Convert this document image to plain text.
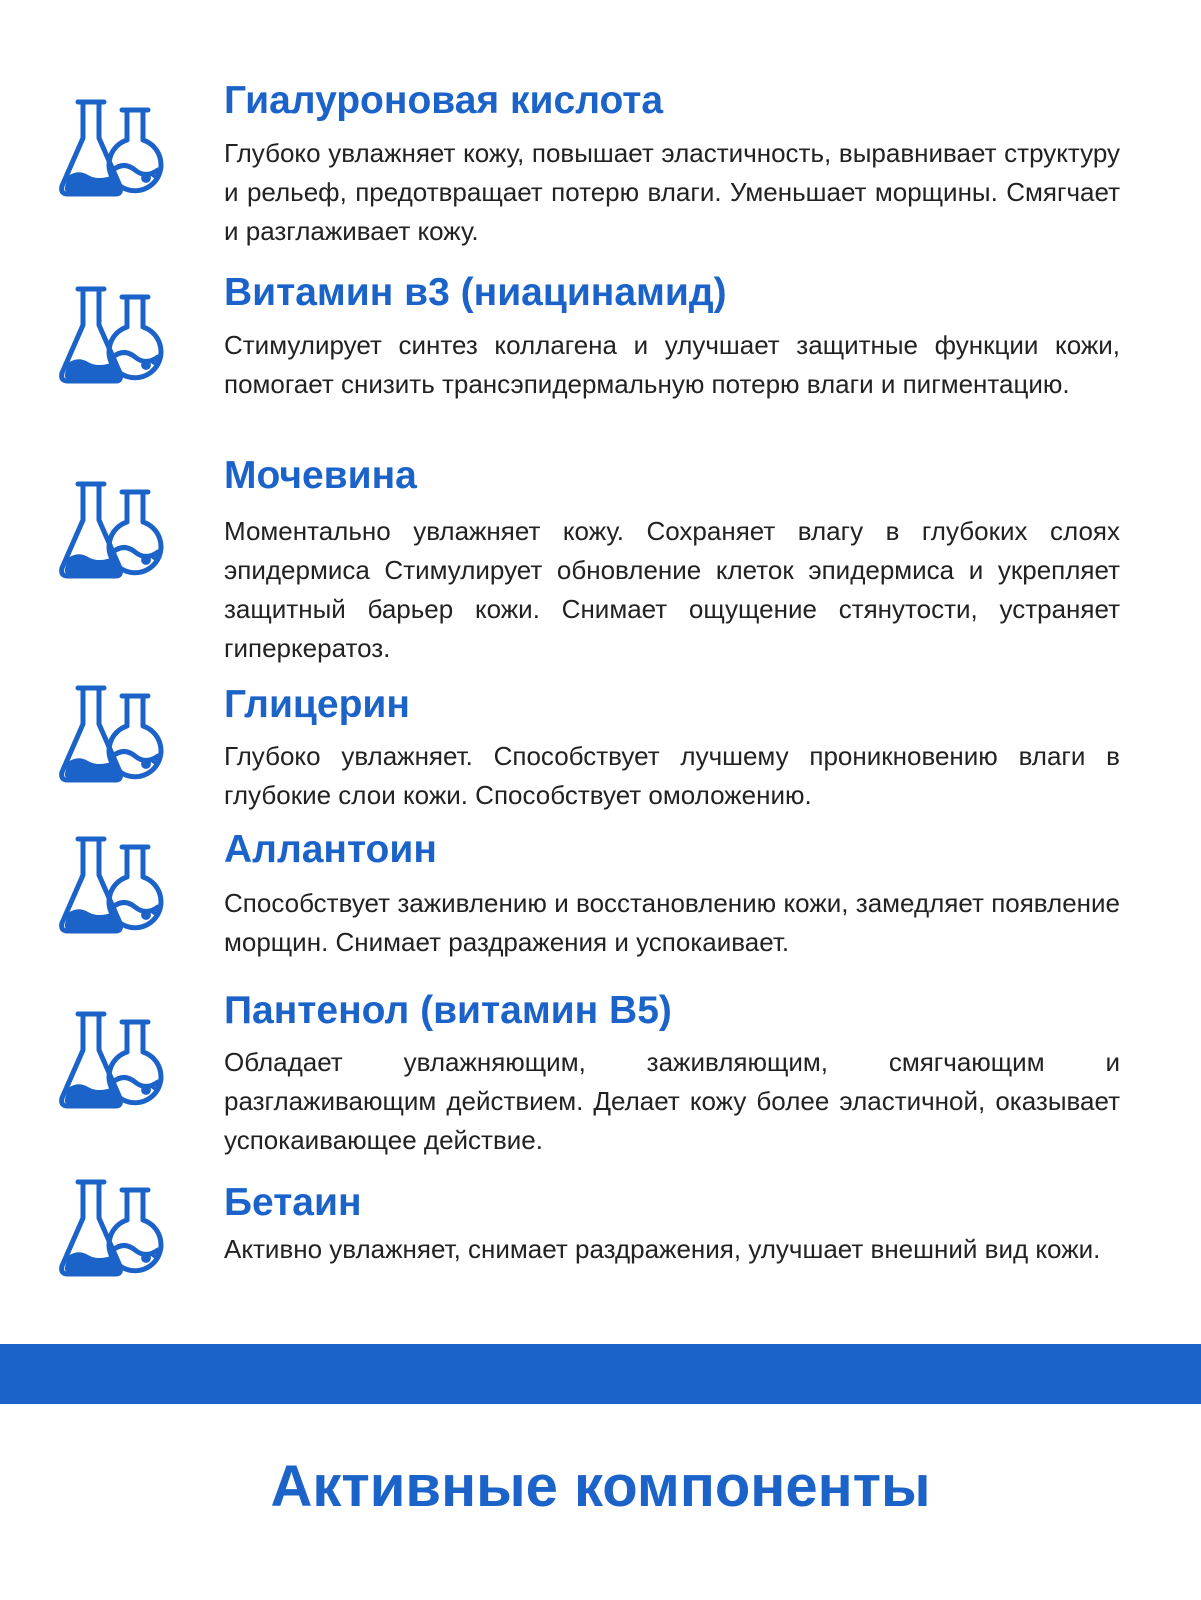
Гиалуроновая кислота

Глубоко увлажняет кожу, повышает эластичность, выравнивает структуру и рельеф, предотвращает потерю влаги. Уменьшает морщины. Смягчает и разглаживает кожу.

Витамин в3 (ниацинамид)

Стимулирует синтез коллагена и улучшает защитные функции кожи, помогает снизить трансэпидермальную потерю влаги и пигментацию.

Мочевина

Моментально увлажняет кожу. Сохраняет влагу в глубоких слоях эпидермиса Стимулирует обновление клеток эпидермиса и укрепляет защитный барьер кожи. Снимает ощущение стянутости, устраняет гиперкератоз.

Глицерин

Глубоко увлажняет. Способствует лучшему проникновению влаги в глубокие слои кожи. Способствует омоложению.

Аллантоин

Способствует заживлению и восстановлению кожи, замедляет появление морщин. Снимает раздражения и успокаивает.

Пантенол (витамин B5)

Обладает увлажняющим, заживляющим, смягчающим и разглаживающим действием. Делает кожу более эластичной, оказывает успокаивающее действие.

Бетаин

Активно увлажняет, снимает раздражения, улучшает внешний вид кожи.

Активные компоненты
